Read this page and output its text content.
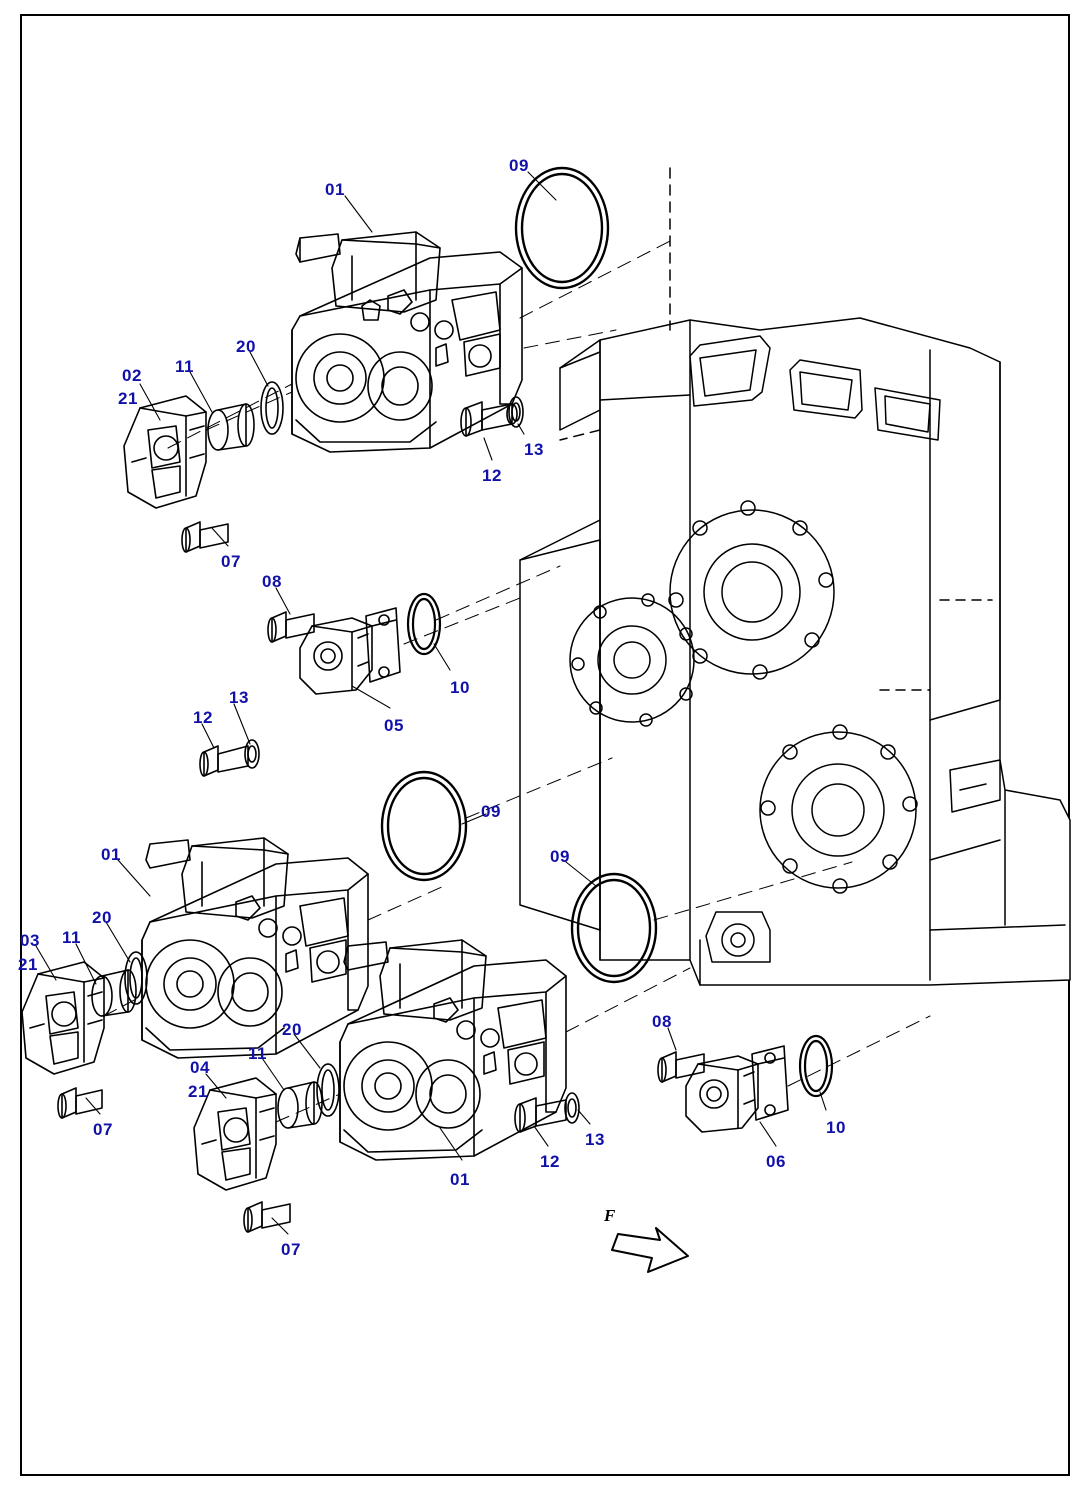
F
01
09
02
21
11
20
13
12
07
08
10
05
13
12
09
09
01
03
21
11
20
07
04
21
11
20
07
01
12
13
08
10
06
